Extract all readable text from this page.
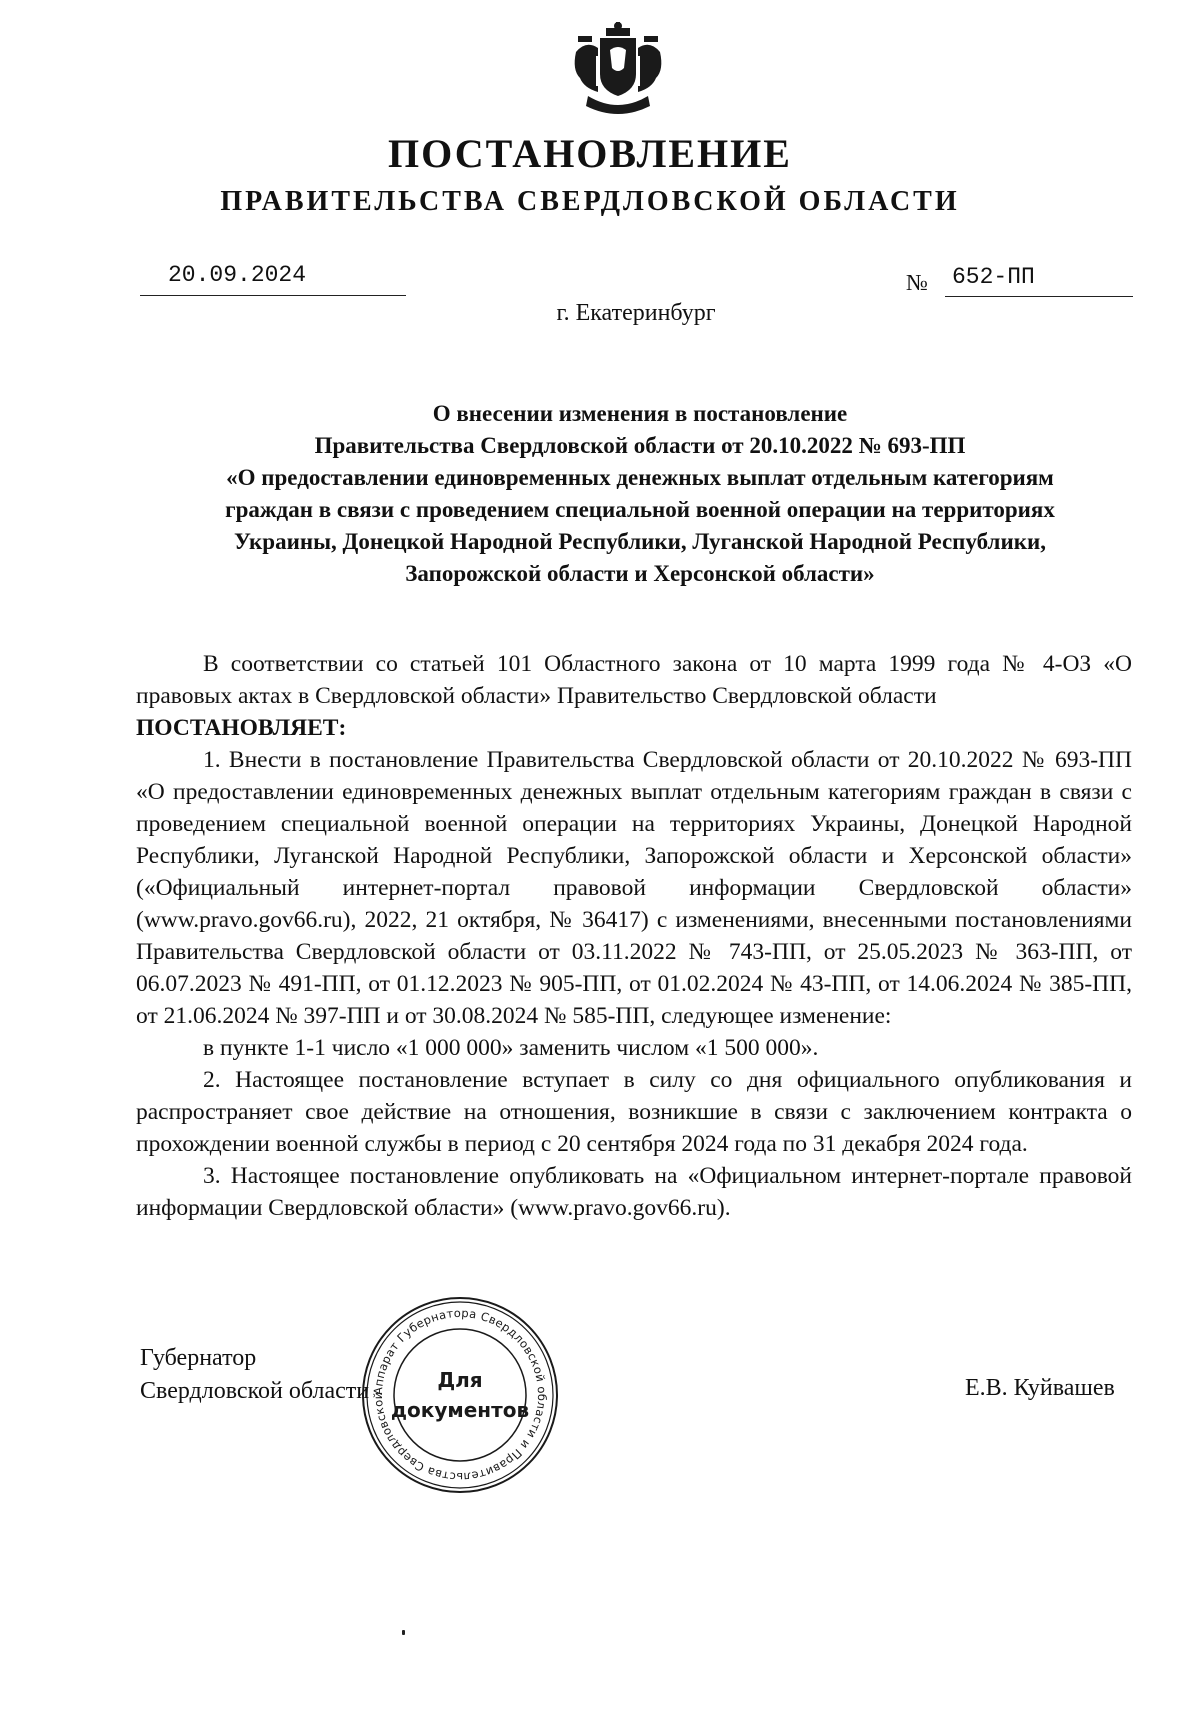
ПОСТАНОВЛЕНИЕ
ПРАВИТЕЛЬСТВА СВЕРДЛОВСКОЙ ОБЛАСТИ
20.09.2024	№ 652-ПП
г. Екатеринбург
О внесении изменения в постановление
Правительства Свердловской области от 20.10.2022 № 693-ПП
«О предоставлении единовременных денежных выплат отдельным категориям
граждан в связи с проведением специальной военной операции на территориях
Украины, Донецкой Народной Республики, Луганской Народной Республики,
Запорожской области и Херсонской области»

В соответствии со статьей 101 Областного закона от 10 марта 1999 года № 4-ОЗ «О правовых актах в Свердловской области» Правительство Свердловской области

ПОСТАНОВЛЯЕТ:

1. Внести в постановление Правительства Свердловской области от 20.10.2022 № 693-ПП «О предоставлении единовременных денежных выплат отдельным категориям граждан в связи с проведением специальной военной операции на территориях Украины, Донецкой Народной Республики, Луганской Народной Республики, Запорожской области и Херсонской области» («Официальный интернет-портал правовой информации Свердловской области» (www.pravo.gov66.ru), 2022, 21 октября, № 36417) с изменениями, внесенными постановлениями Правительства Свердловской области от 03.11.2022 № 743-ПП, от 25.05.2023 № 363-ПП, от 06.07.2023 № 491-ПП, от 01.12.2023 № 905-ПП, от 01.02.2024 № 43-ПП, от 14.06.2024 № 385-ПП, от 21.06.2024 № 397-ПП и от 30.08.2024 № 585-ПП, следующее изменение:

в пункте 1-1 число «1 000 000» заменить числом «1 500 000».

2. Настоящее постановление вступает в силу со дня официального опубликования и распространяет свое действие на отношения, возникшие в связи с заключением контракта о прохождении военной службы в период с 20 сентября 2024 года по 31 декабря 2024 года.

3. Настоящее постановление опубликовать на «Официальном интернет-портале правовой информации Свердловской области» (www.pravo.gov66.ru).

Губернатор
Свердловской области	Е.В. Куйвашев
Аппарат Губернатора Свердловской области и Правительства Свердловской
Для
документов
